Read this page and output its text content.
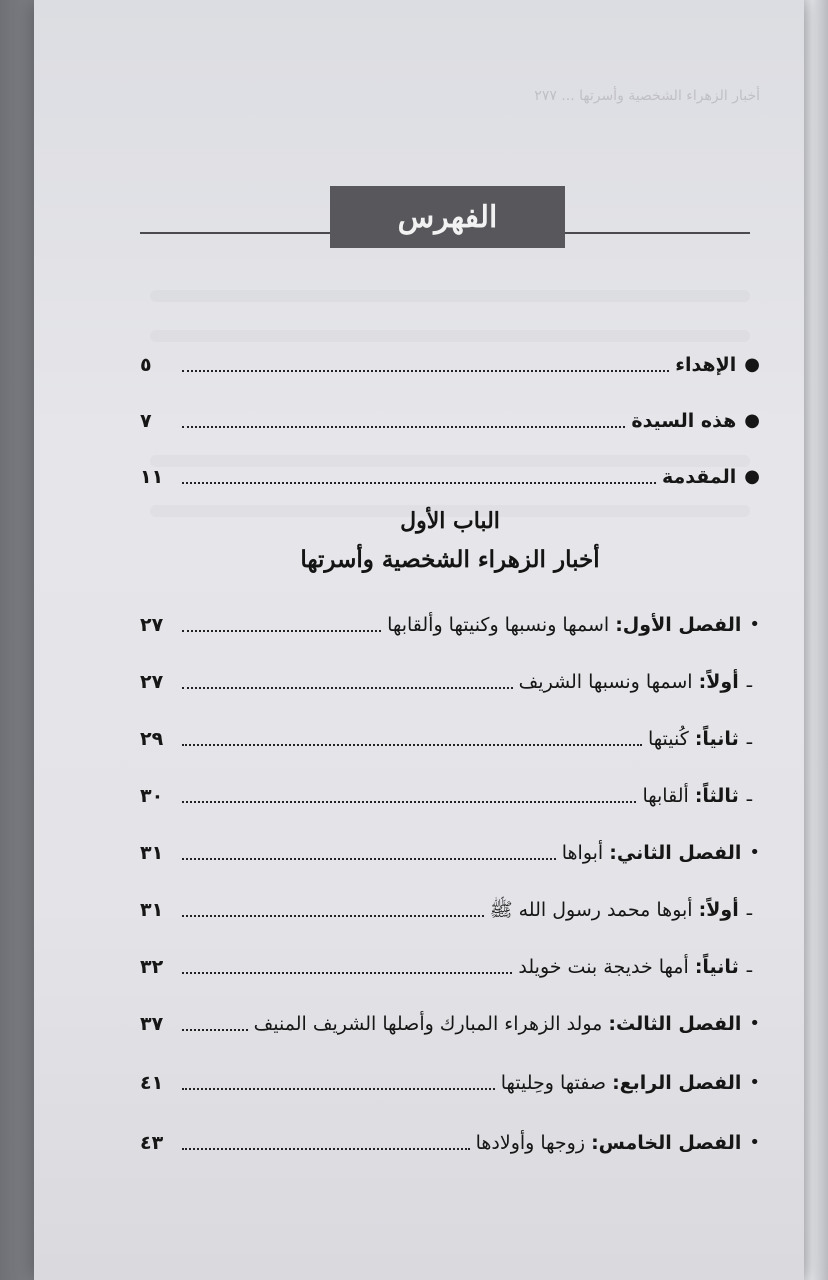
أخبار الزهراء الشخصية وأسرتها ... ٢٧٧
الفهرس
●
الإهداء
٥
●
هذه السيدة
٧
●
المقدمة
١١
الباب الأول
أخبار الزهراء الشخصية وأسرتها
•
الفصل الأول: اسمها ونسبها وكنيتها وألقابها
٢٧
ـ
أولاً: اسمها ونسبها الشريف
٢٧
ـ
ثانياً: كُنيتها
٢٩
ـ
ثالثاً: ألقابها
٣٠
•
الفصل الثاني: أبواها
٣١
ـ
أولاً: أبوها محمد رسول الله ﷺ
٣١
ـ
ثانياً: أمها خديجة بنت خويلد
٣٢
•
الفصل الثالث: مولد الزهراء المبارك وأصلها الشريف المنيف
٣٧
•
الفصل الرابع: صفتها وحِليتها
٤١
•
الفصل الخامس: زوجها وأولادها
٤٣
